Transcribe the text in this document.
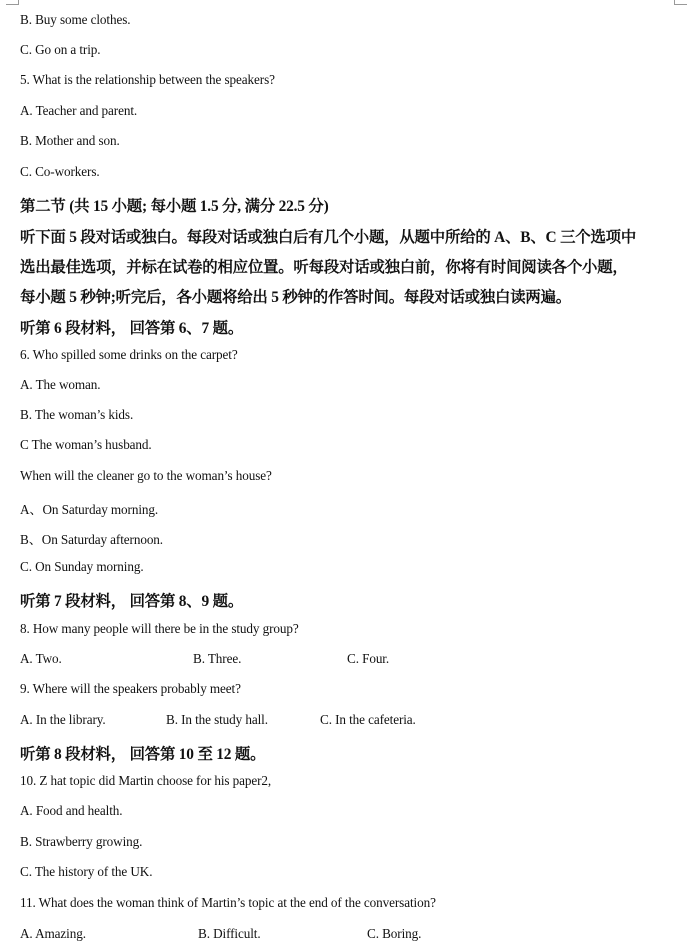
B. Buy some clothes.
C. Go on a trip.
5. What is the relationship between the speakers?
A. Teacher and parent.
B. Mother and son.
C. Co-workers.
第二节 (共 15 小题; 每小题 1.5 分, 满分 22.5 分)
听下面 5 段对话或独白。每段对话或独白后有几个小题，从题中所给的 A、B、C 三个选项中
选出最佳选项，并标在试卷的相应位置。听每段对话或独白前，你将有时间阅读各个小题，
每小题 5 秒钟;听完后，各小题将给出 5 秒钟的作答时间。每段对话或独白读两遍。
听第 6 段材料， 回答第 6、7 题。
6. Who spilled some drinks on the carpet?
A. The woman.
B. The woman’s kids.
C The woman’s husband.
When will the cleaner go to the woman’s house?
A、On Saturday morning.
B、On Saturday afternoon.
C. On Sunday morning.
听第 7 段材料， 回答第 8、9 题。
8. How many people will there be in the study group?
A. Two.	B. Three.	C. Four.
9. Where will the speakers probably meet?
A. In the library.	B. In the study hall.	C. In the cafeteria.
听第 8 段材料， 回答第 10 至 12 题。
10. Z hat topic did Martin choose for his paper2,
A. Food and health.
B. Strawberry growing.
C. The history of the UK.
11. What does the woman think of Martin’s topic at the end of the conversation?
A. Amazing.	B. Difficult.	C. Boring.
